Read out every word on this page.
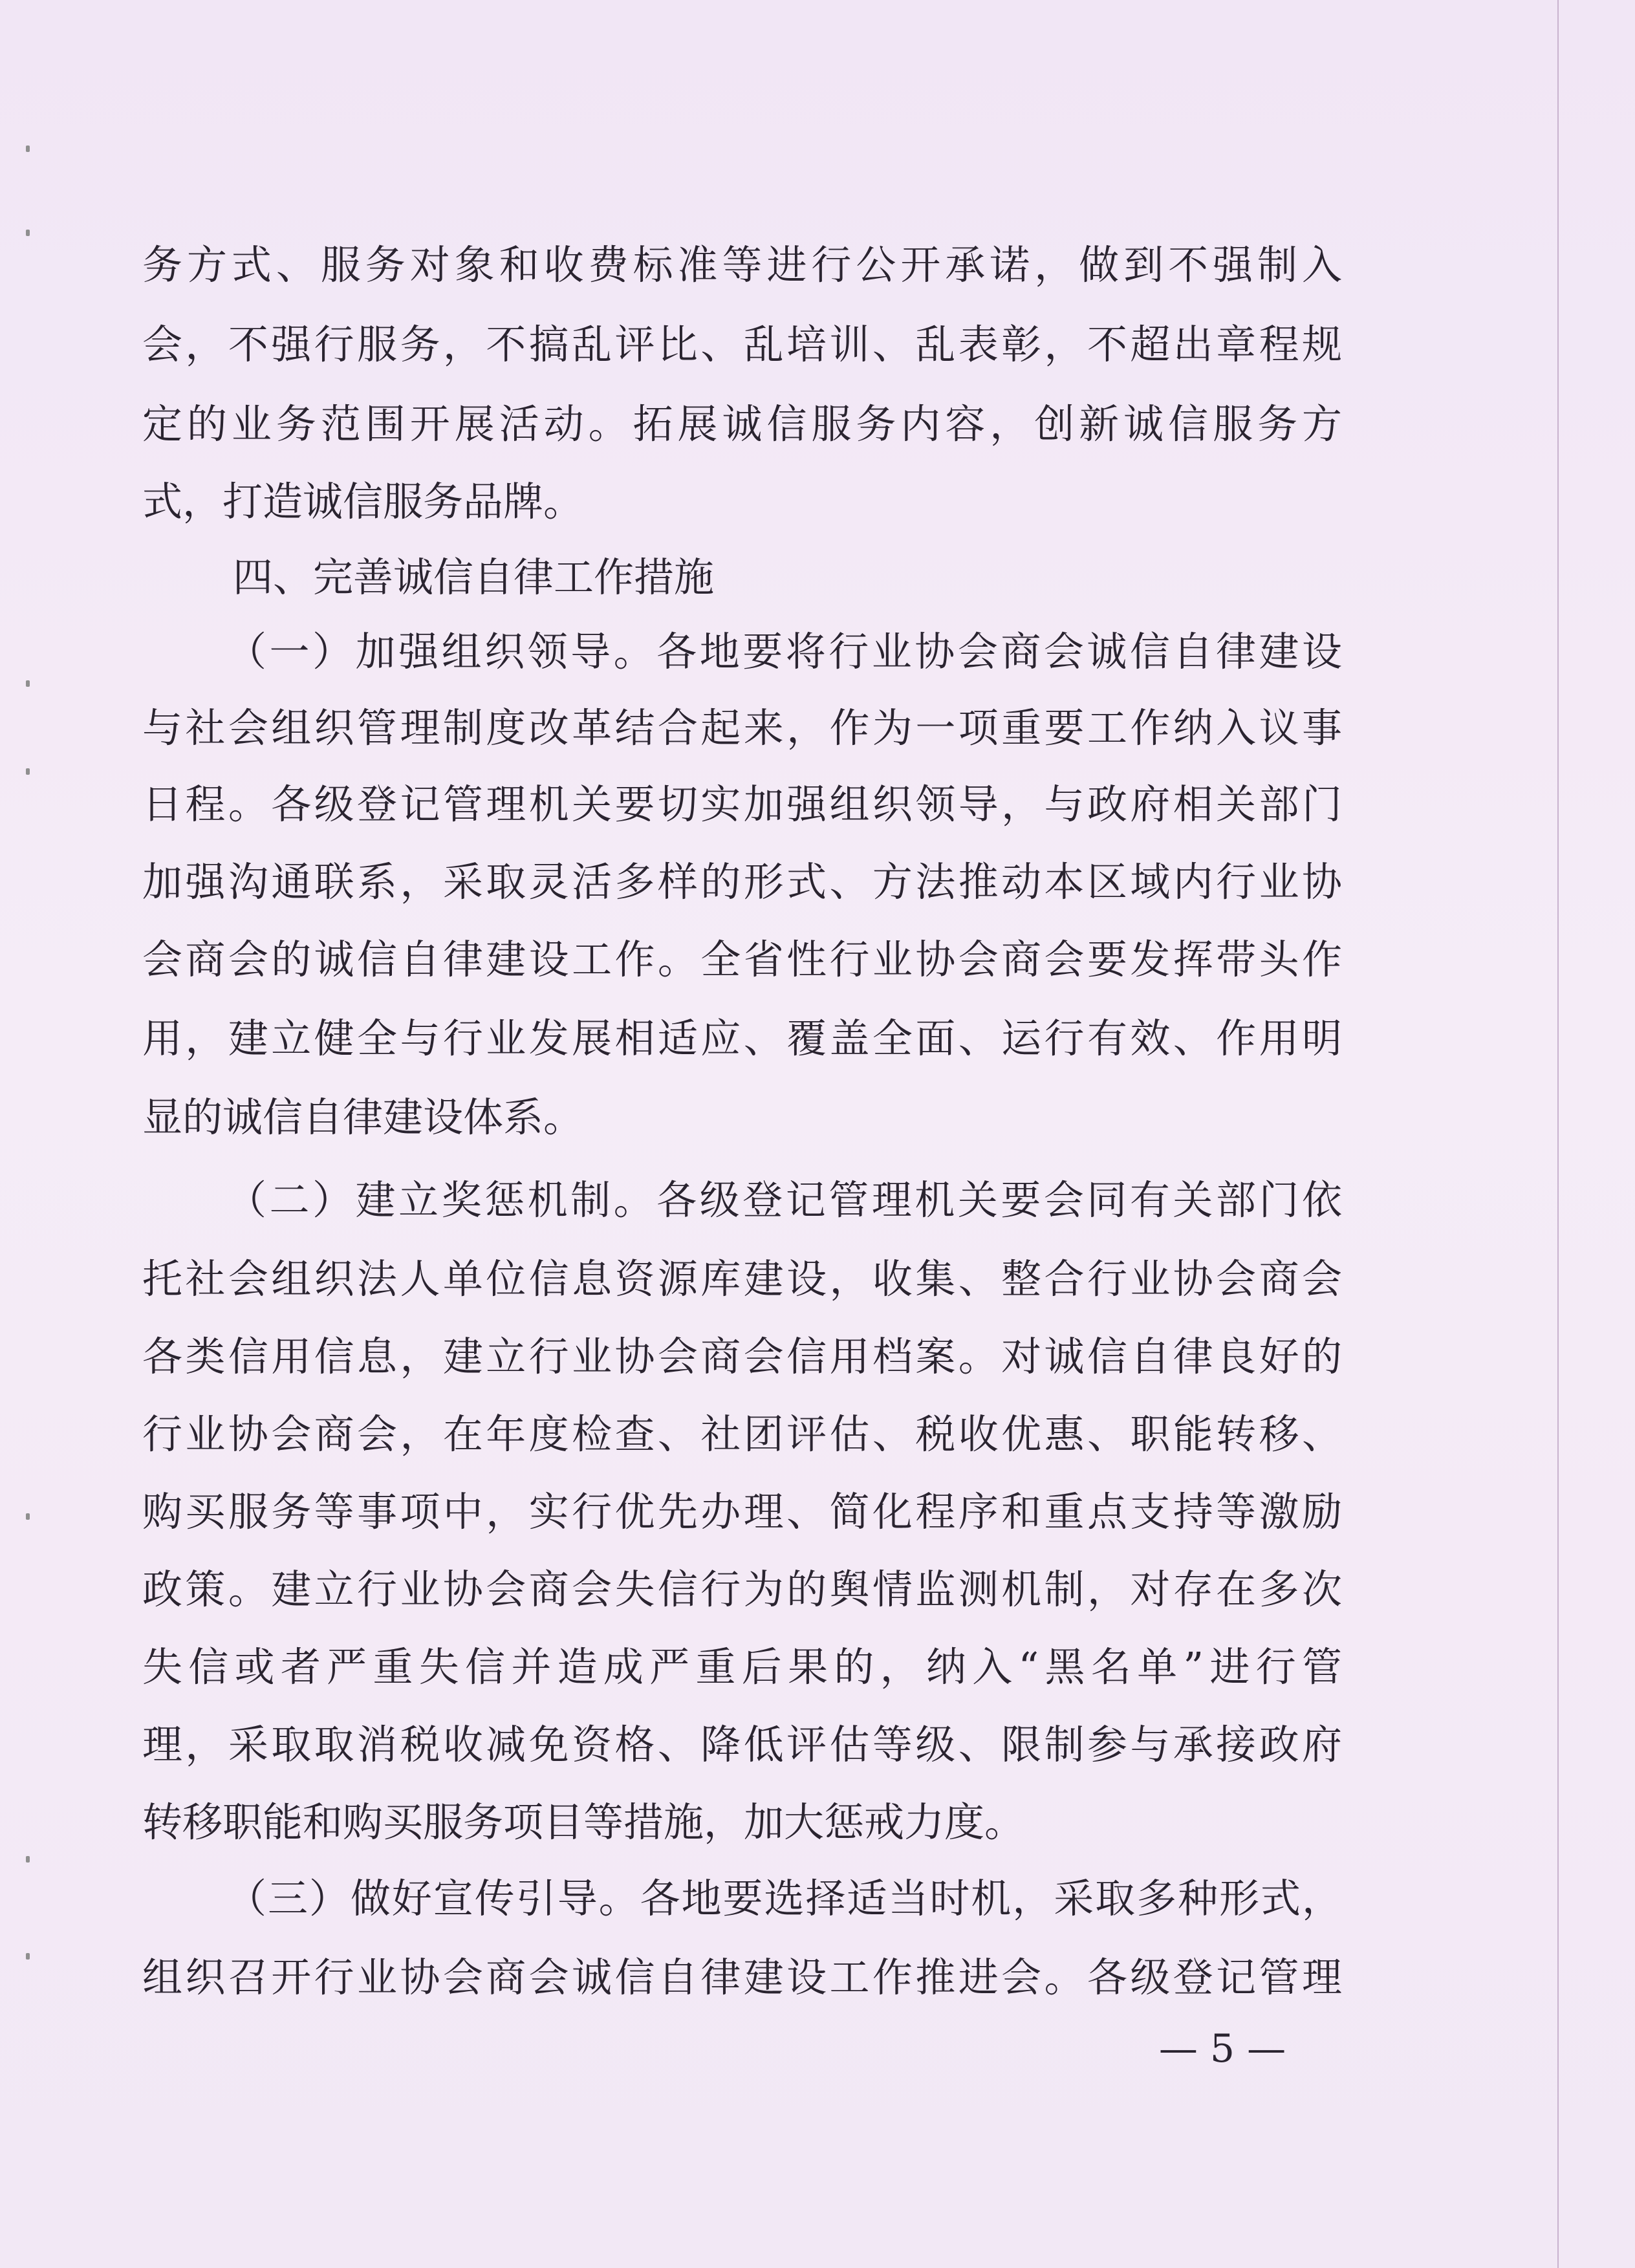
务方式、服务对象和收费标准等进行公开承诺，做到不强制入
会，不强行服务，不搞乱评比、乱培训、乱表彰，不超出章程规
定的业务范围开展活动。拓展诚信服务内容，创新诚信服务方
式，打造诚信服务品牌。
四、完善诚信自律工作措施
（一）加强组织领导。各地要将行业协会商会诚信自律建设
与社会组织管理制度改革结合起来，作为一项重要工作纳入议事
日程。各级登记管理机关要切实加强组织领导，与政府相关部门
加强沟通联系，采取灵活多样的形式、方法推动本区域内行业协
会商会的诚信自律建设工作。全省性行业协会商会要发挥带头作
用，建立健全与行业发展相适应、覆盖全面、运行有效、作用明
显的诚信自律建设体系。
（二）建立奖惩机制。各级登记管理机关要会同有关部门依
托社会组织法人单位信息资源库建设，收集、整合行业协会商会
各类信用信息，建立行业协会商会信用档案。对诚信自律良好的
行业协会商会，在年度检查、社团评估、税收优惠、职能转移、
购买服务等事项中，实行优先办理、简化程序和重点支持等激励
政策。建立行业协会商会失信行为的舆情监测机制，对存在多次
失信或者严重失信并造成严重后果的，纳入“黑名单”进行管
理，采取取消税收减免资格、降低评估等级、限制参与承接政府
转移职能和购买服务项目等措施，加大惩戒力度。
（三）做好宣传引导。各地要选择适当时机，采取多种形式，
组织召开行业协会商会诚信自律建设工作推进会。各级登记管理
— 5 —
